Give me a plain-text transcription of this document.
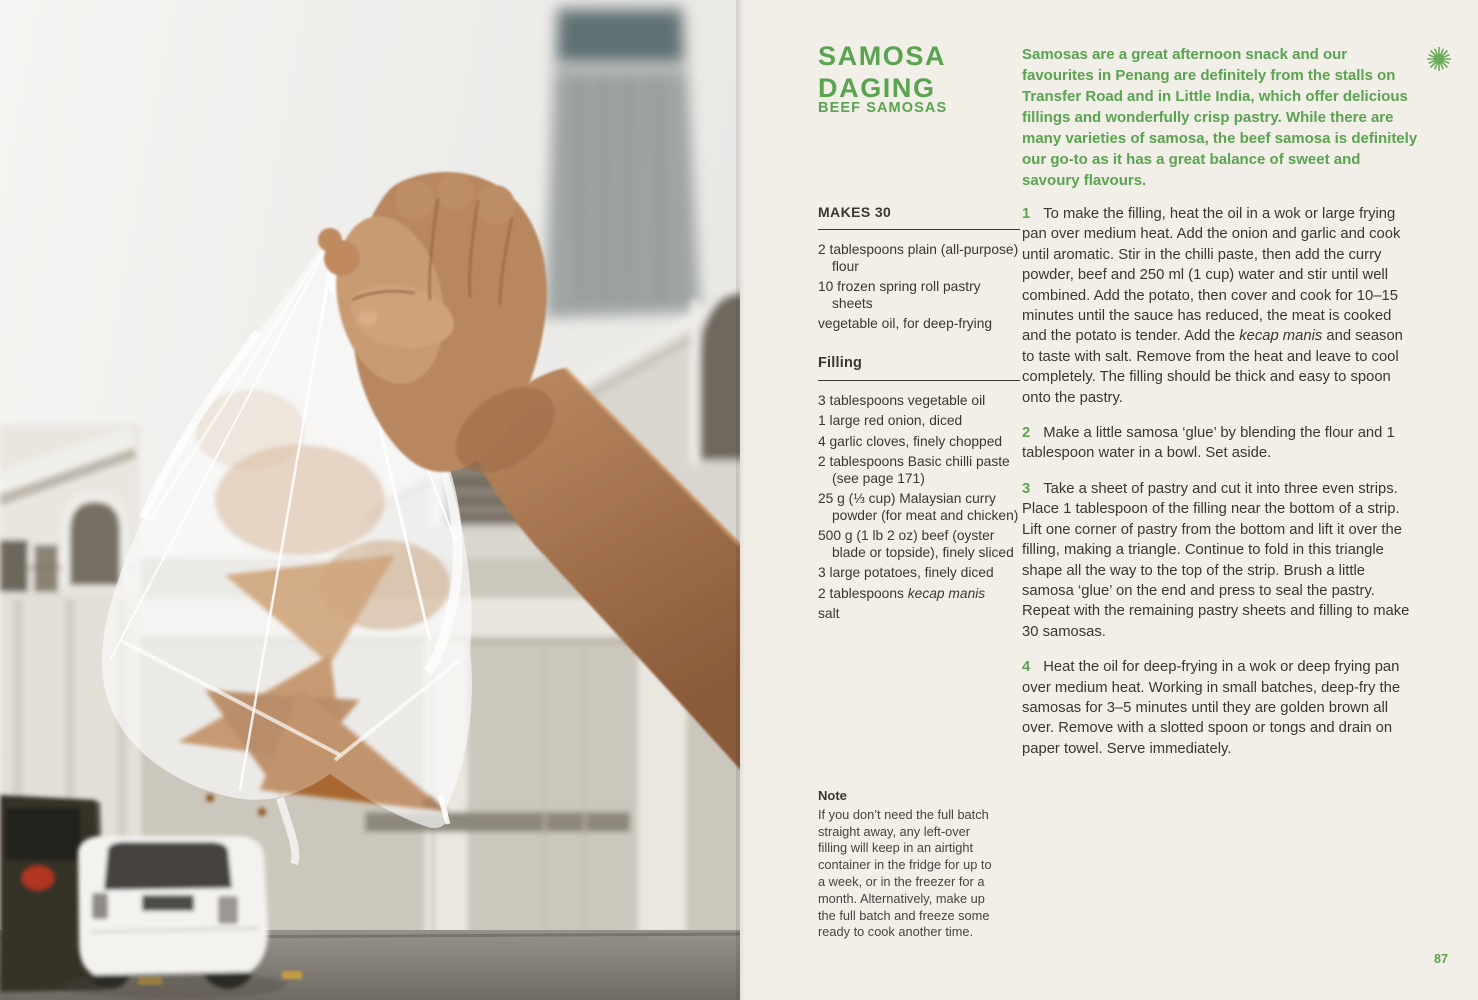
SAMOSA
DAGING
BEEF SAMOSAS
Samosas are a great afternoon snack and our favourites in Penang are definitely from the stalls on Transfer Road and in Little India, which offer delicious fillings and wonderfully crisp pastry. While there are many varieties of samosa, the beef samosa is definitely our go-to as it has a great balance of sweet and savoury flavours.
MAKES 30
2 tablespoons plain (all-purpose) flour
10 frozen spring roll pastry sheets
vegetable oil, for deep-frying
Filling
3 tablespoons vegetable oil
1 large red onion, diced
4 garlic cloves, finely chopped
2 tablespoons Basic chilli paste (see page 171)
25 g (⅓ cup) Malaysian curry powder (for meat and chicken)
500 g (1 lb 2 oz) beef (oyster blade or topside), finely sliced
3 large potatoes, finely diced
2 tablespoons kecap manis
salt
Note
If you don’t need the full batch straight away, any left-over filling will keep in an airtight container in the fridge for up to a week, or in the freezer for a month. Alternatively, make up the full batch and freeze some ready to cook another time.
1 To make the filling, heat the oil in a wok or large frying pan over medium heat. Add the onion and garlic and cook until aromatic. Stir in the chilli paste, then add the curry powder, beef and 250 ml (1 cup) water and stir until well combined. Add the potato, then cover and cook for 10–15 minutes until the sauce has reduced, the meat is cooked and the potato is tender. Add the kecap manis and season to taste with salt. Remove from the heat and leave to cool completely. The filling should be thick and easy to spoon onto the pastry.
2 Make a little samosa ‘glue’ by blending the flour and 1 tablespoon water in a bowl. Set aside.
3 Take a sheet of pastry and cut it into three even strips. Place 1 tablespoon of the filling near the bottom of a strip. Lift one corner of pastry from the bottom and lift it over the filling, making a triangle. Continue to fold in this triangle shape all the way to the top of the strip. Brush a little samosa ‘glue’ on the end and press to seal the pastry. Repeat with the remaining pastry sheets and filling to make 30 samosas.
4 Heat the oil for deep-frying in a wok or deep frying pan over medium heat. Working in small batches, deep-fry the samosas for 3–5 minutes until they are golden brown all over. Remove with a slotted spoon or tongs and drain on paper towel. Serve immediately.
87
